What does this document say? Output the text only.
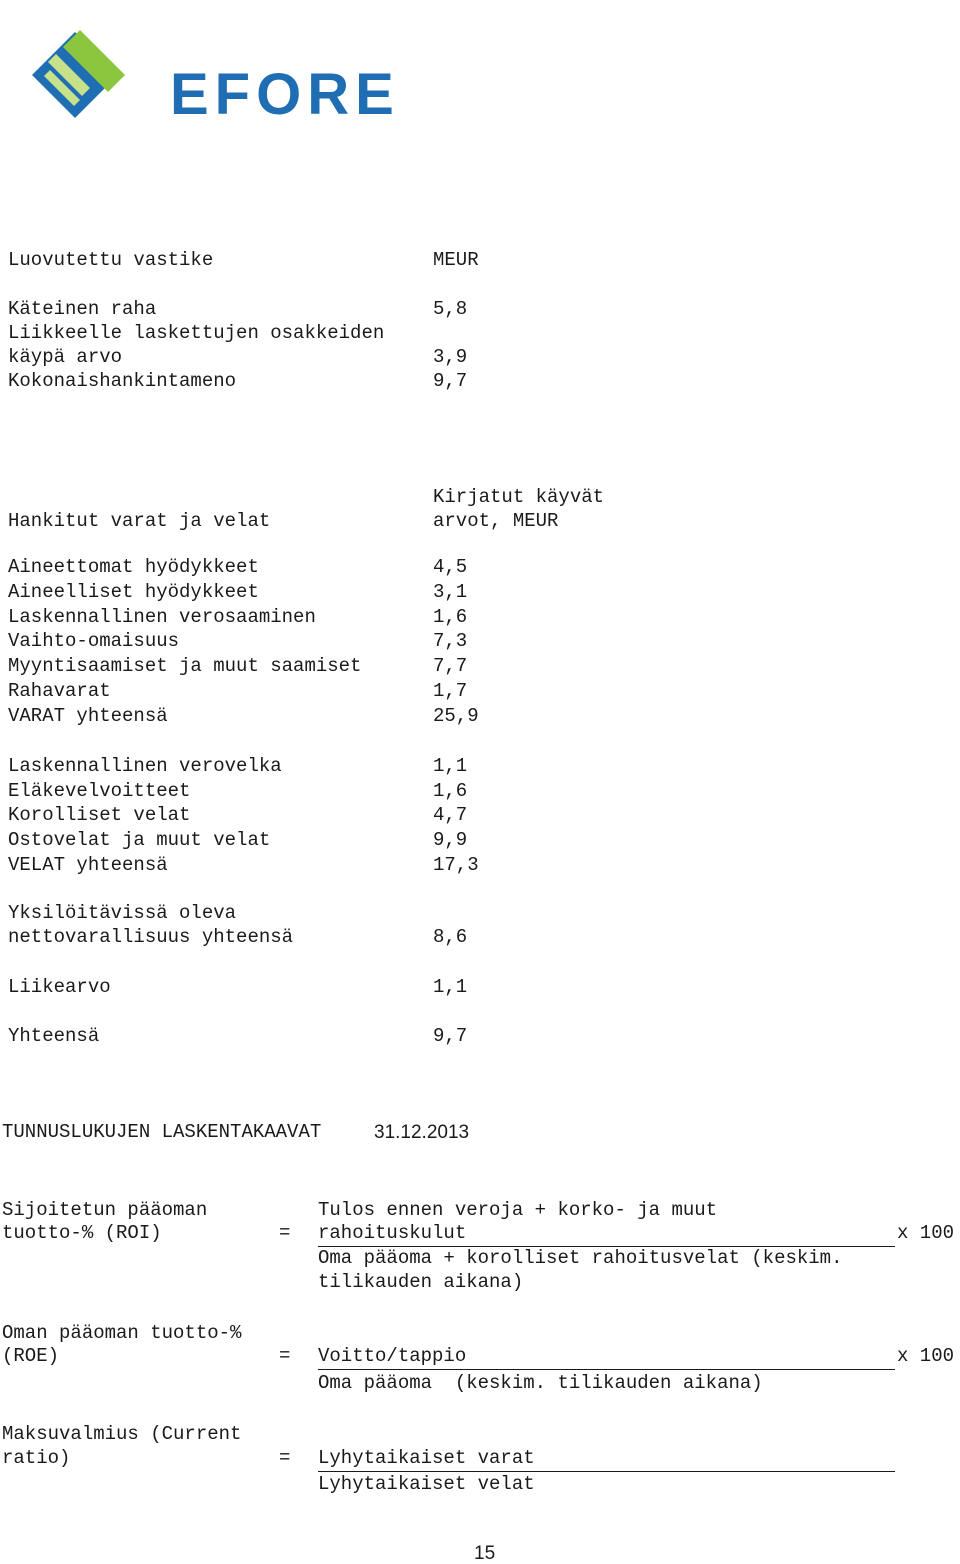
EFORE
Luovutettu vastike	MEUR
Käteinen raha	5,8
Liikkeelle laskettujen osakkeiden
käypä arvo	3,9
Kokonaishankintameno	9,7
Kirjatut käyvät
Hankitut varat ja velat	arvot, MEUR
Aineettomat hyödykkeet	4,5
Aineelliset hyödykkeet	3,1
Laskennallinen verosaaminen	1,6
Vaihto-omaisuus	7,3
Myyntisaamiset ja muut saamiset	7,7
Rahavarat	1,7
VARAT yhteensä	25,9
Laskennallinen verovelka	1,1
Eläkevelvoitteet	1,6
Korolliset velat	4,7
Ostovelat ja muut velat	9,9
VELAT yhteensä	17,3
Yksilöitävissä oleva
nettovarallisuus yhteensä	8,6
Liikearvo	1,1
Yhteensä	9,7
TUNNUSLUKUJEN LASKENTAKAAVAT	31.12.2013
Sijoitetun pääoman
tuotto-% (ROI)	=
Tulos ennen veroja + korko- ja muut
rahoituskulut	x 100
Oma pääoma + korolliset rahoitusvelat (keskim.
tilikauden aikana)
Oman pääoman tuotto-%
(ROE)	= Voitto/tappio	x 100
Oma pääoma  (keskim. tilikauden aikana)
Maksuvalmius (Current
ratio)	= Lyhytaikaiset varat
Lyhytaikaiset velat
15
